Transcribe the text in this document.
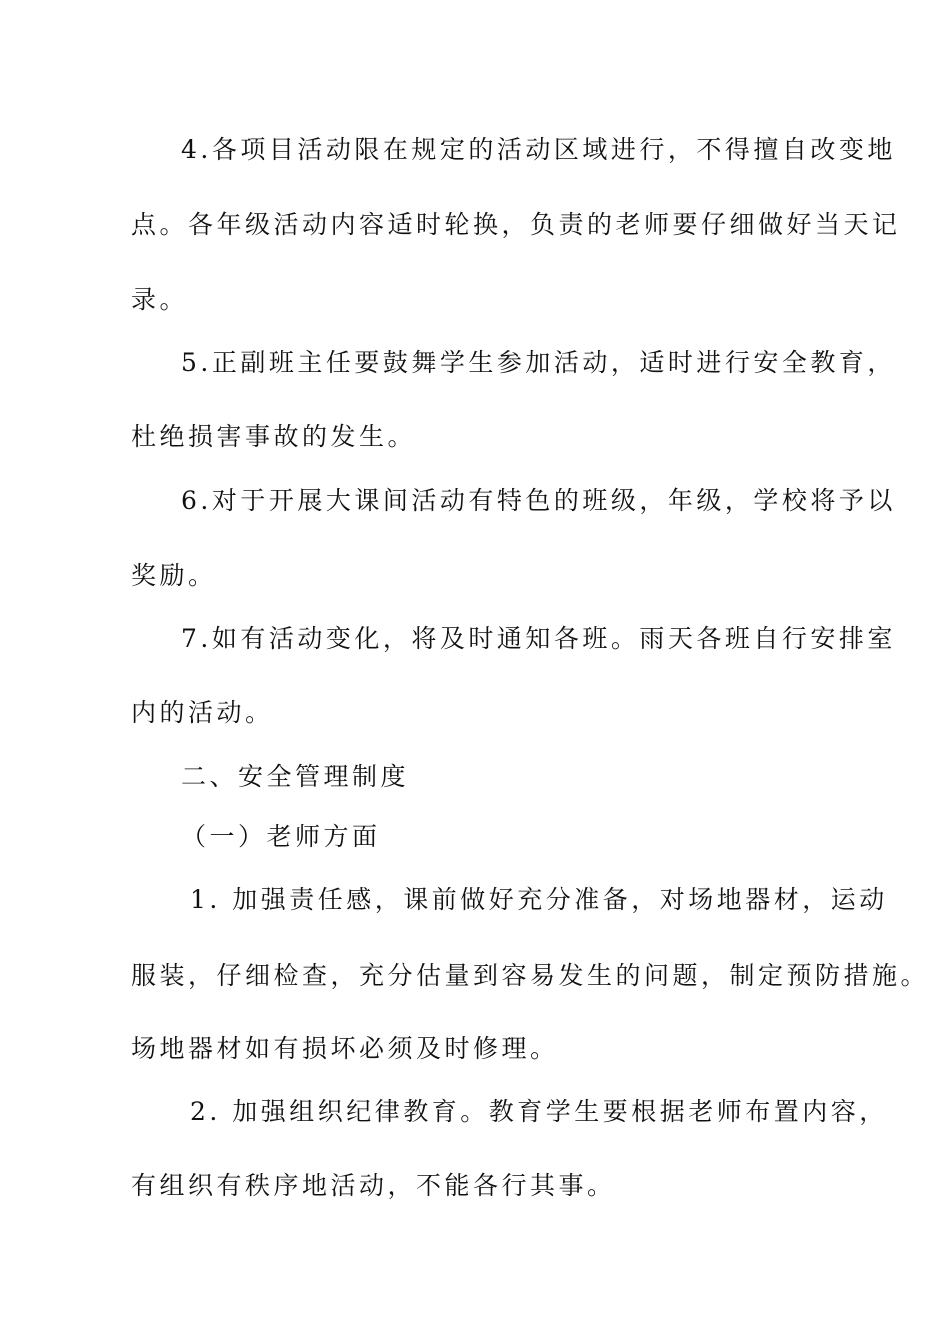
4.各项目活动限在规定的活动区域进行，不得擅自改变地
点。各年级活动内容适时轮换，负责的老师要仔细做好当天记
录。
5.正副班主任要鼓舞学生参加活动，适时进行安全教育，
杜绝损害事故的发生。
6.对于开展大课间活动有特色的班级，年级，学校将予以
奖励。
7.如有活动变化，将及时通知各班。雨天各班自行安排室
内的活动。
二、安全管理制度
（一）老师方面
1. 加强责任感，课前做好充分准备，对场地器材，运动
服装，仔细检查，充分估量到容易发生的问题，制定预防措施。
场地器材如有损坏必须及时修理。
2. 加强组织纪律教育。教育学生要根据老师布置内容，
有组织有秩序地活动，不能各行其事。
